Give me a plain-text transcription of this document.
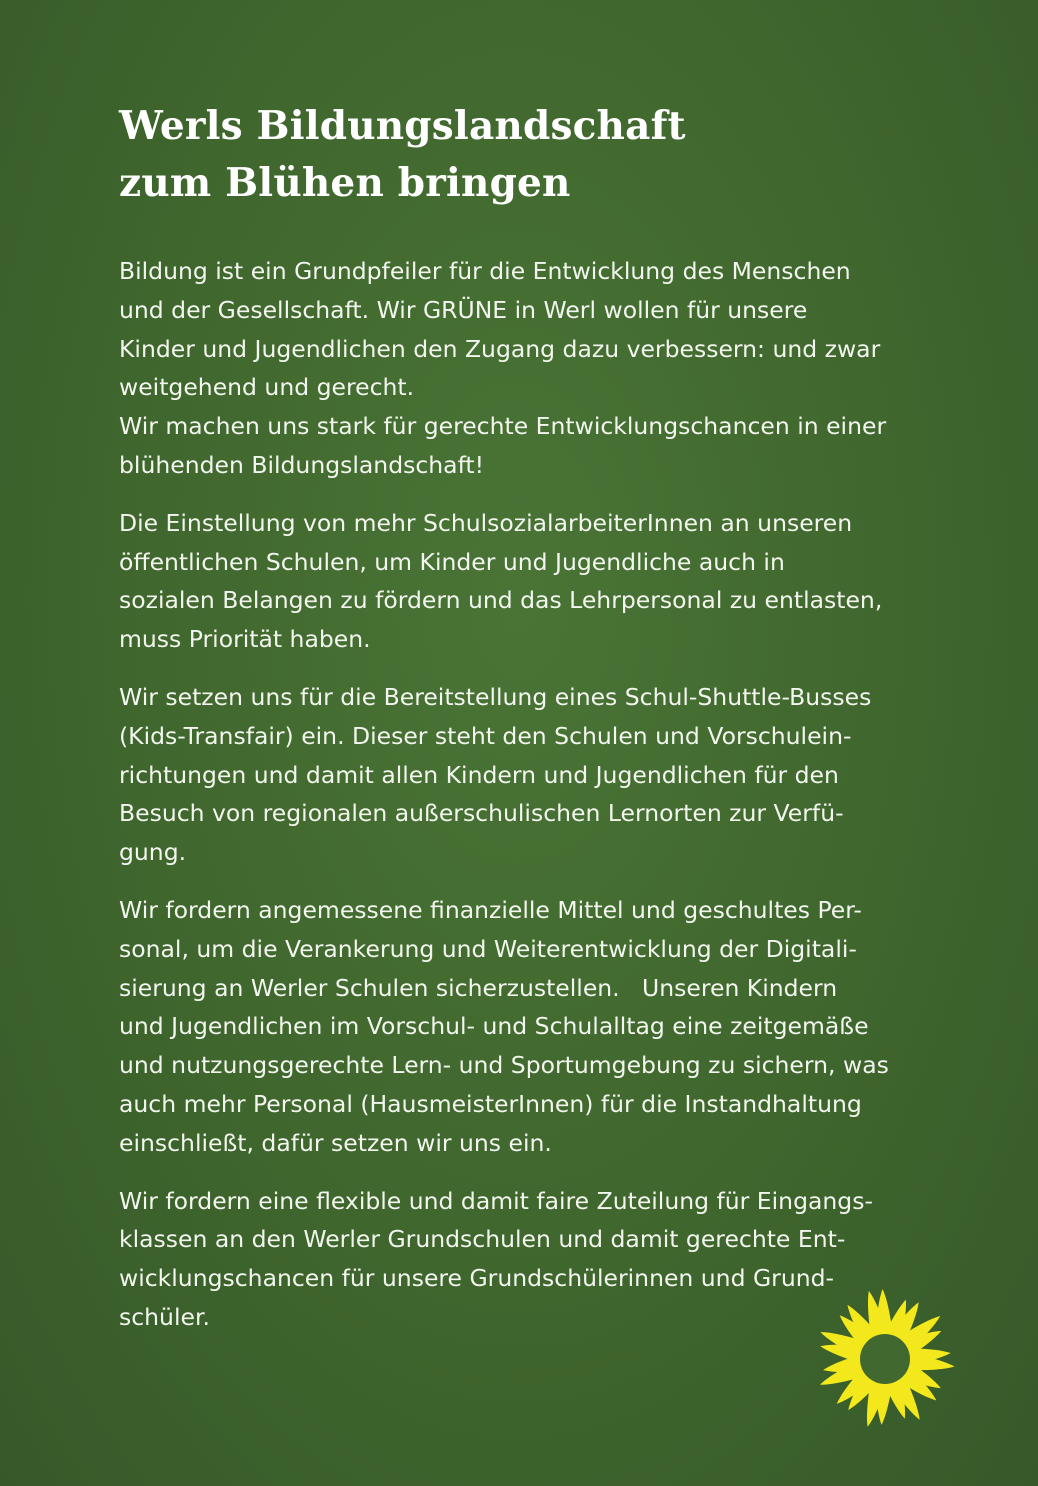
Werls Bildungslandschaft
zum Blühen bringen

Bildung ist ein Grundpfeiler für die Entwicklung des Menschen
und der Gesellschaft. Wir GRÜNE in Werl wollen für unsere
Kinder und Jugendlichen den Zugang dazu verbessern: und zwar
weitgehend und gerecht.
Wir machen uns stark für gerechte Entwicklungschancen in einer
blühenden Bildungslandschaft!

Die Einstellung von mehr SchulsozialarbeiterInnen an unseren
öffentlichen Schulen, um Kinder und Jugendliche auch in
sozialen Belangen zu fördern und das Lehrpersonal zu entlasten,
muss Priorität haben.

Wir setzen uns für die Bereitstellung eines Schul-Shuttle-Busses
(Kids-Transfair) ein. Dieser steht den Schulen und Vorschulein-
richtungen und damit allen Kindern und Jugendlichen für den
Besuch von regionalen außerschulischen Lernorten zur Verfü-
gung.

Wir fordern angemessene finanzielle Mittel und geschultes Per-
sonal, um die Verankerung und Weiterentwicklung der Digitali-
sierung an Werler Schulen sicherzustellen.   Unseren Kindern
und Jugendlichen im Vorschul- und Schulalltag eine zeitgemäße
und nutzungsgerechte Lern- und Sportumgebung zu sichern, was
auch mehr Personal (HausmeisterInnen) für die Instandhaltung
einschließt, dafür setzen wir uns ein.

Wir fordern eine flexible und damit faire Zuteilung für Eingangs-
klassen an den Werler Grundschulen und damit gerechte Ent-
wicklungschancen für unsere Grundschülerinnen und Grund-
schüler.
